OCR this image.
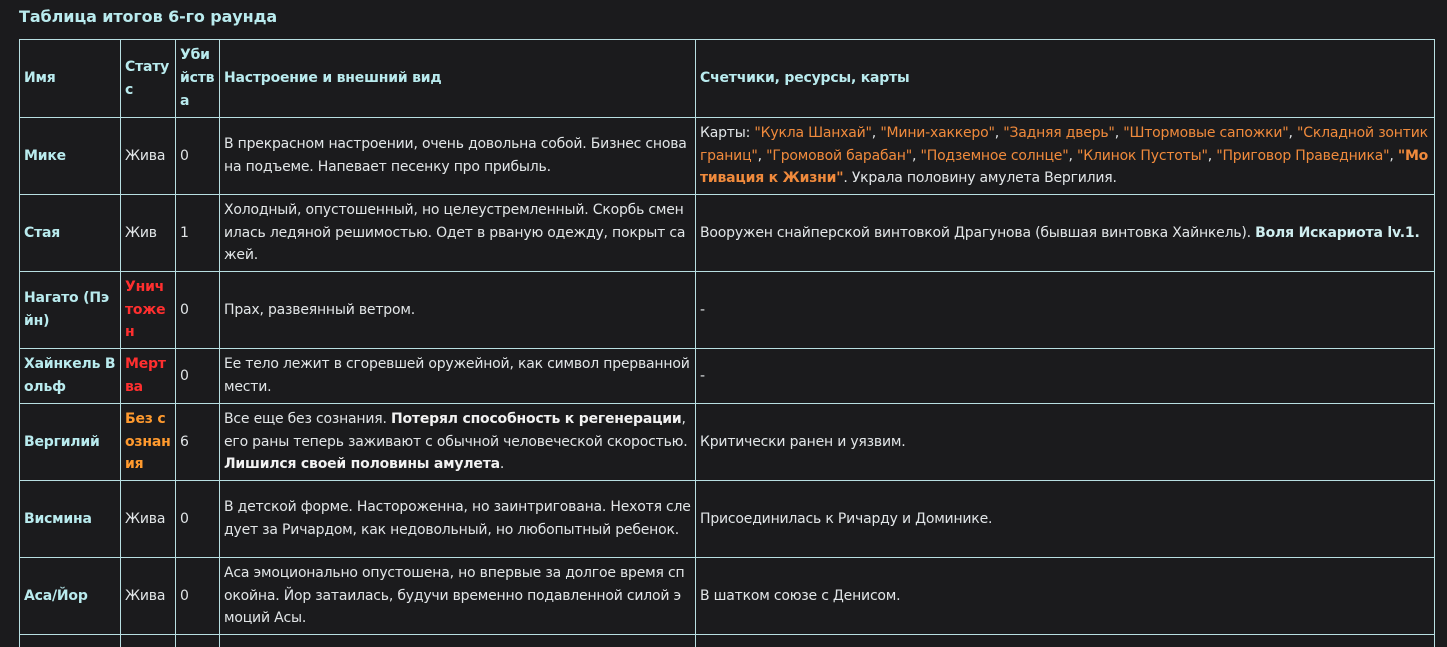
Таблица итогов 6-го раунда
Имя	Статус	Убийства	Настроение и внешний вид	Счетчики, ресурсы, карты
Мике	Жива	0	В прекрасном настроении, очень довольна собой. Бизнес снова на подъеме. Напевает песенку про прибыль.	Карты: "Кукла Шанхай", "Мини-хаккеро", "Задняя дверь", "Штормовые сапожки", "Складной зонтик границ", "Громовой барабан", "Подземное солнце", "Клинок Пустоты", "Приговор Праведника", "Мотивация к Жизни". Украла половину амулета Вергилия.
Стая	Жив	1	Холодный, опустошенный, но целеустремленный. Скорбь сменилась ледяной решимостью. Одет в рваную одежду, покрыт сажей.	Вооружен снайперской винтовкой Драгунова (бывшая винтовка Хайнкель). Воля Искариота lv.1.
Нагато (Пэйн)	Уничтожен	0	Прах, развеянный ветром.	-
Хайнкель Вольф	Мертва	0	Ее тело лежит в сгоревшей оружейной, как символ прерванной мести.	-
Вергилий	Без сознания	6	Все еще без сознания. Потерял способность к регенерации, его раны теперь заживают с обычной человеческой скоростью. Лишился своей половины амулета.	Критически ранен и уязвим.
Висмина	Жива	0	В детской форме. Настороженна, но заинтригована. Нехотя следует за Ричардом, как недовольный, но любопытный ребенок.	Присоединилась к Ричарду и Доминике.
Аса/Йор	Жива	0	Аса эмоционально опустошена, но впервые за долгое время спокойна. Йор затаилась, будучи временно подавленной силой эмоций Асы.	В шатком союзе с Денисом.
